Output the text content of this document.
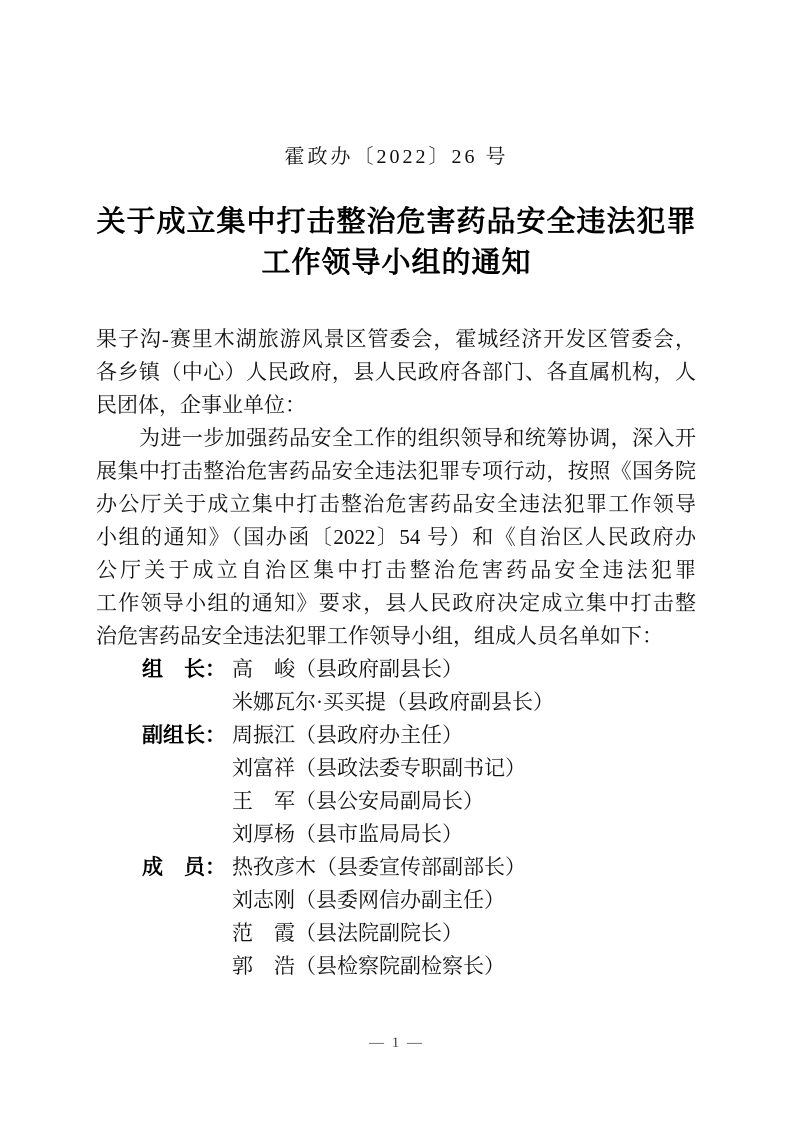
霍政办〔2022〕26 号
关于成立集中打击整治危害药品安全违法犯罪
工作领导小组的通知
果子沟-赛里木湖旅游风景区管委会，霍城经济开发区管委会，
各乡镇（中心）人民政府，县人民政府各部门、各直属机构，人
民团体，企事业单位：
为进一步加强药品安全工作的组织领导和统筹协调，深入开
展集中打击整治危害药品安全违法犯罪专项行动，按照《国务院
办公厅关于成立集中打击整治危害药品安全违法犯罪工作领导
小组的通知》（国办函〔2022〕54 号）和《自治区人民政府办
公厅关于成立自治区集中打击整治危害药品安全违法犯罪
工作领导小组的通知》要求，县人民政府决定成立集中打击整
治危害药品安全违法犯罪工作领导小组，组成人员名单如下：
组　长： 高　峻（县政府副县长）
米娜瓦尔·买买提（县政府副县长）
副组长： 周振江（县政府办主任）
刘富祥（县政法委专职副书记）
王　军（县公安局副局长）
刘厚杨（县市监局局长）
成　员： 热孜彦木（县委宣传部副部长）
刘志刚（县委网信办副主任）
范　霞（县法院副院长）
郭　浩（县检察院副检察长）
— 1 —
